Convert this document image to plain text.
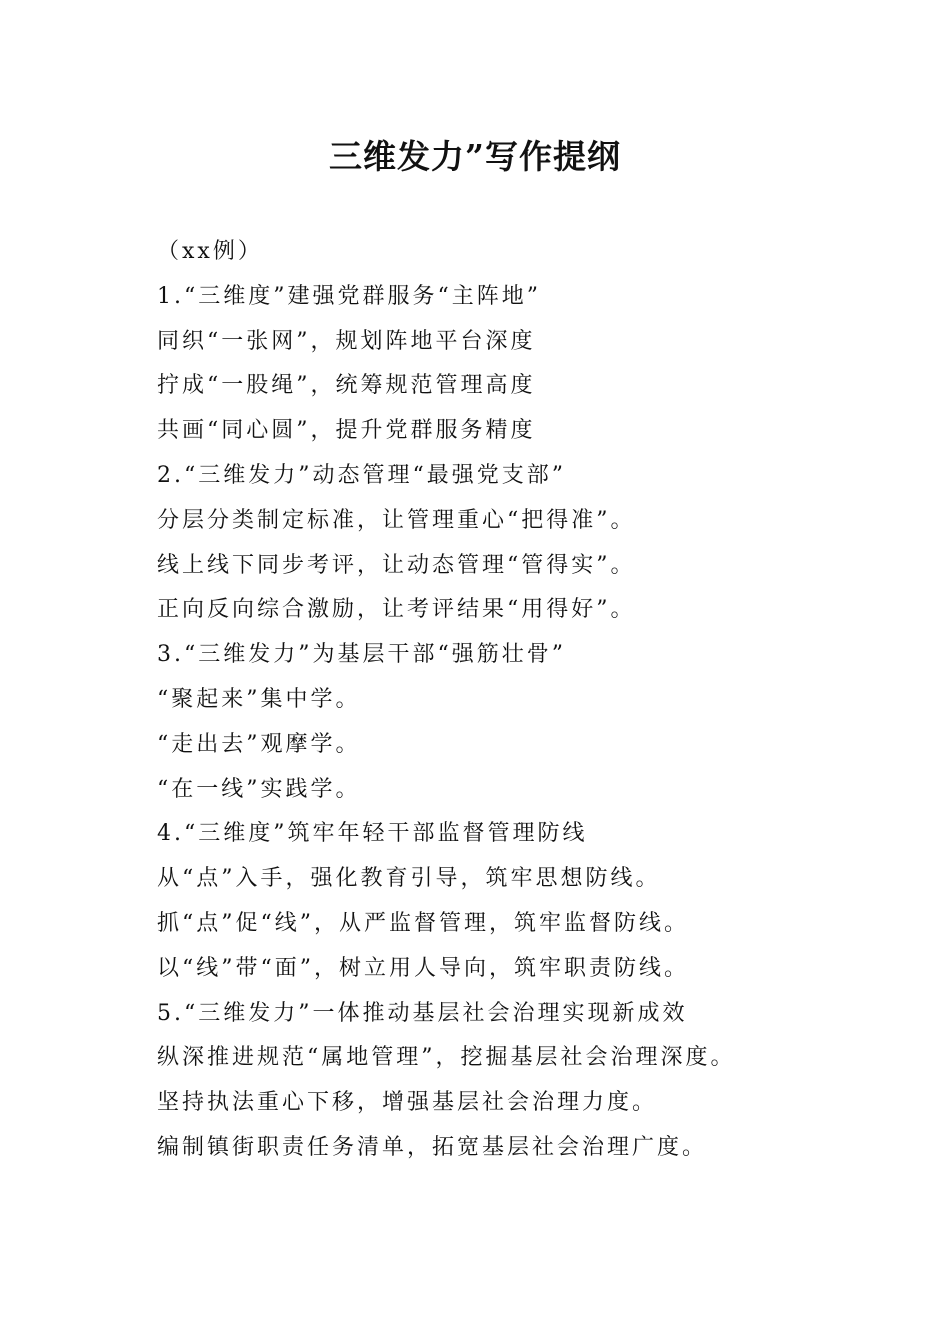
三维发力”写作提纲
（xx例）
1.“三维度”建强党群服务“主阵地”
同织“一张网”，规划阵地平台深度
拧成“一股绳”，统筹规范管理高度
共画“同心圆”，提升党群服务精度
2.“三维发力”动态管理“最强党支部”
分层分类制定标准，让管理重心“把得准”。
线上线下同步考评，让动态管理“管得实”。
正向反向综合激励，让考评结果“用得好”。
3.“三维发力”为基层干部“强筋壮骨”
“聚起来”集中学。
“走出去”观摩学。
“在一线”实践学。
4.“三维度”筑牢年轻干部监督管理防线
从“点”入手，强化教育引导，筑牢思想防线。
抓“点”促“线”，从严监督管理，筑牢监督防线。
以“线”带“面”，树立用人导向，筑牢职责防线。
5.“三维发力”一体推动基层社会治理实现新成效
纵深推进规范“属地管理”，挖掘基层社会治理深度。
坚持执法重心下移，增强基层社会治理力度。
编制镇街职责任务清单，拓宽基层社会治理广度。
